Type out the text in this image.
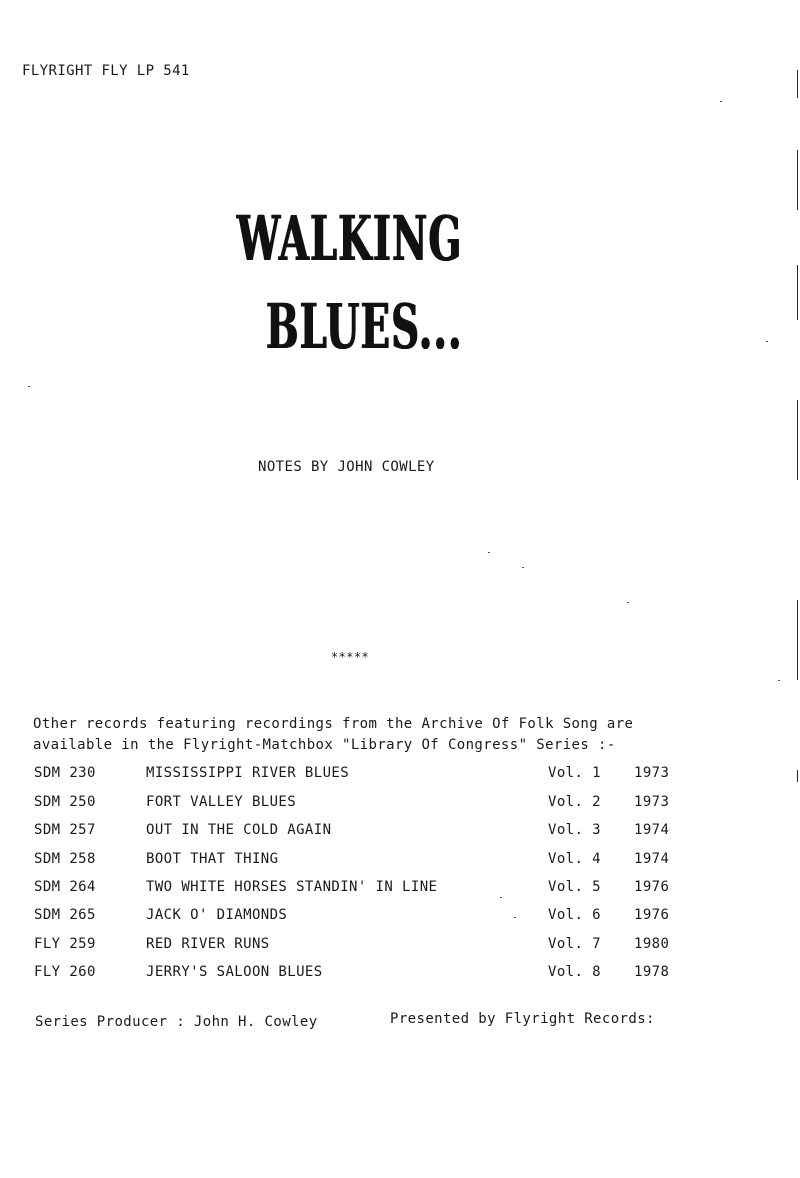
FLYRIGHT FLY LP 541
WALKING
BLUES...
NOTES BY JOHN COWLEY
*****
Other records featuring recordings from the Archive Of Folk Song are
available in the Flyright-Matchbox "Library Of Congress" Series :-
SDM 230	MISSISSIPPI RIVER BLUES	Vol. 1 1973
SDM 250	FORT VALLEY BLUES	Vol. 2 1973
SDM 257	OUT IN THE COLD AGAIN	Vol. 3 1974
SDM 258	BOOT THAT THING	Vol. 4 1974
SDM 264	TWO WHITE HORSES STANDIN' IN LINE	Vol. 5 1976
SDM 265	JACK O' DIAMONDS	Vol. 6 1976
FLY 259	RED RIVER RUNS	Vol. 7 1980
FLY 260	JERRY'S SALOON BLUES	Vol. 8 1978
Series Producer : John H. Cowley	Presented by Flyright Records:
